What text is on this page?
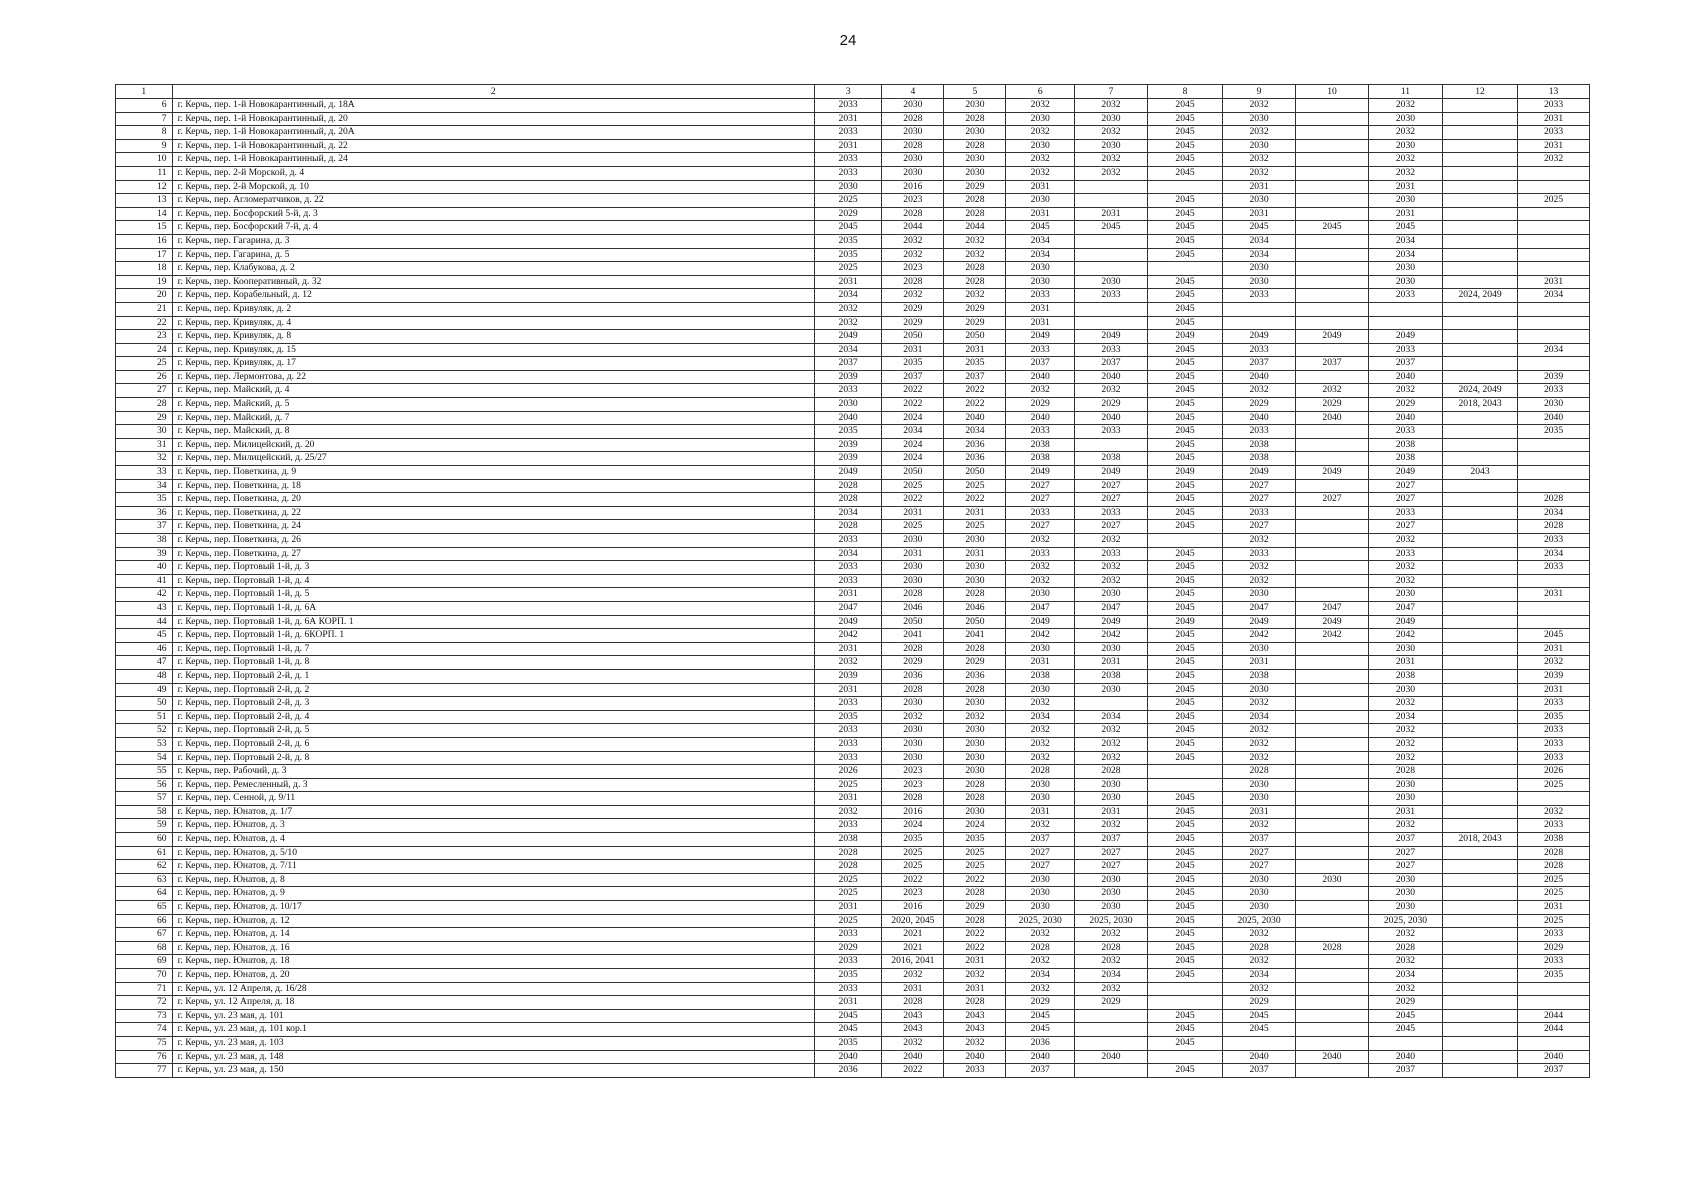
24
1	2	3	4	5	6	7	8	9	10	11	12	13
6	г. Керчь, пер. 1-й Новокарантинный, д. 18А	2033	2030	2030	2032	2032	2045	2032		2032		2033
7	г. Керчь, пер. 1-й Новокарантинный, д. 20	2031	2028	2028	2030	2030	2045	2030		2030		2031
8	г. Керчь, пер. 1-й Новокарантинный, д. 20А	2033	2030	2030	2032	2032	2045	2032		2032		2033
9	г. Керчь, пер. 1-й Новокарантинный, д. 22	2031	2028	2028	2030	2030	2045	2030		2030		2031
10	г. Керчь, пер. 1-й Новокарантинный, д. 24	2033	2030	2030	2032	2032	2045	2032		2032		2032
11	г. Керчь, пер. 2-й Морской, д. 4	2033	2030	2030	2032	2032	2045	2032		2032		
12	г. Керчь, пер. 2-й Морской, д. 10	2030	2016	2029	2031			2031		2031		
13	г. Керчь, пер. Агломератчиков, д. 22	2025	2023	2028	2030		2045	2030		2030		2025
14	г. Керчь, пер. Босфорский 5-й, д. 3	2029	2028	2028	2031	2031	2045	2031		2031		
15	г. Керчь, пер. Босфорский 7-й, д. 4	2045	2044	2044	2045	2045	2045	2045	2045	2045		
16	г. Керчь, пер. Гагарина, д. 3	2035	2032	2032	2034		2045	2034		2034		
17	г. Керчь, пер. Гагарина, д. 5	2035	2032	2032	2034		2045	2034		2034		
18	г. Керчь, пер. Клабукова, д. 2	2025	2023	2028	2030			2030		2030		
19	г. Керчь, пер. Кооперативный, д. 32	2031	2028	2028	2030	2030	2045	2030		2030		2031
20	г. Керчь, пер. Корабельный, д. 12	2034	2032	2032	2033	2033	2045	2033		2033	2024, 2049	2034
21	г. Керчь, пер. Кривуляк, д. 2	2032	2029	2029	2031		2045					
22	г. Керчь, пер. Кривуляк, д. 4	2032	2029	2029	2031		2045					
23	г. Керчь, пер. Кривуляк, д. 8	2049	2050	2050	2049	2049	2049	2049	2049	2049		
24	г. Керчь, пер. Кривуляк, д. 15	2034	2031	2031	2033	2033	2045	2033		2033		2034
25	г. Керчь, пер. Кривуляк, д. 17	2037	2035	2035	2037	2037	2045	2037	2037	2037		
26	г. Керчь, пер. Лермонтова, д. 22	2039	2037	2037	2040	2040	2045	2040		2040		2039
27	г. Керчь, пер. Майский, д. 4	2033	2022	2022	2032	2032	2045	2032	2032	2032	2024, 2049	2033
28	г. Керчь, пер. Майский, д. 5	2030	2022	2022	2029	2029	2045	2029	2029	2029	2018, 2043	2030
29	г. Керчь, пер. Майский, д. 7	2040	2024	2040	2040	2040	2045	2040	2040	2040		2040
30	г. Керчь, пер. Майский, д. 8	2035	2034	2034	2033	2033	2045	2033		2033		2035
31	г. Керчь, пер. Милицейский, д. 20	2039	2024	2036	2038		2045	2038		2038		
32	г. Керчь, пер. Милицейский, д. 25/27	2039	2024	2036	2038	2038	2045	2038		2038		
33	г. Керчь, пер. Поветкина, д. 9	2049	2050	2050	2049	2049	2049	2049	2049	2049	2043	
34	г. Керчь, пер. Поветкина, д. 18	2028	2025	2025	2027	2027	2045	2027		2027		
35	г. Керчь, пер. Поветкина, д. 20	2028	2022	2022	2027	2027	2045	2027	2027	2027		2028
36	г. Керчь, пер. Поветкина, д. 22	2034	2031	2031	2033	2033	2045	2033		2033		2034
37	г. Керчь, пер. Поветкина, д. 24	2028	2025	2025	2027	2027	2045	2027		2027		2028
38	г. Керчь, пер. Поветкина, д. 26	2033	2030	2030	2032	2032		2032		2032		2033
39	г. Керчь, пер. Поветкина, д. 27	2034	2031	2031	2033	2033	2045	2033		2033		2034
40	г. Керчь, пер. Портовый 1-й, д. 3	2033	2030	2030	2032	2032	2045	2032		2032		2033
41	г. Керчь, пер. Портовый 1-й, д. 4	2033	2030	2030	2032	2032	2045	2032		2032		
42	г. Керчь, пер. Портовый 1-й, д. 5	2031	2028	2028	2030	2030	2045	2030		2030		2031
43	г. Керчь, пер. Портовый 1-й, д. 6А	2047	2046	2046	2047	2047	2045	2047	2047	2047		
44	г. Керчь, пер. Портовый 1-й, д. 6А КОРП. 1	2049	2050	2050	2049	2049	2049	2049	2049	2049		
45	г. Керчь, пер. Портовый 1-й, д. 6КОРП. 1	2042	2041	2041	2042	2042	2045	2042	2042	2042		2045
46	г. Керчь, пер. Портовый 1-й, д. 7	2031	2028	2028	2030	2030	2045	2030		2030		2031
47	г. Керчь, пер. Портовый 1-й, д. 8	2032	2029	2029	2031	2031	2045	2031		2031		2032
48	г. Керчь, пер. Портовый 2-й, д. 1	2039	2036	2036	2038	2038	2045	2038		2038		2039
49	г. Керчь, пер. Портовый 2-й, д. 2	2031	2028	2028	2030	2030	2045	2030		2030		2031
50	г. Керчь, пер. Портовый 2-й, д. 3	2033	2030	2030	2032		2045	2032		2032		2033
51	г. Керчь, пер. Портовый 2-й, д. 4	2035	2032	2032	2034	2034	2045	2034		2034		2035
52	г. Керчь, пер. Портовый 2-й, д. 5	2033	2030	2030	2032	2032	2045	2032		2032		2033
53	г. Керчь, пер. Портовый 2-й, д. 6	2033	2030	2030	2032	2032	2045	2032		2032		2033
54	г. Керчь, пер. Портовый 2-й, д. 8	2033	2030	2030	2032	2032	2045	2032		2032		2033
55	г. Керчь, пер. Рабочий, д. 3	2026	2023	2030	2028	2028		2028		2028		2026
56	г. Керчь, пер. Ремесленный, д. 3	2025	2023	2028	2030	2030		2030		2030		2025
57	г. Керчь, пер. Сенной, д. 9/11	2031	2028	2028	2030	2030	2045	2030		2030		
58	г. Керчь, пер. Юнатов, д. 1/7	2032	2016	2030	2031	2031	2045	2031		2031		2032
59	г. Керчь, пер. Юнатов, д. 3	2033	2024	2024	2032	2032	2045	2032		2032		2033
60	г. Керчь, пер. Юнатов, д. 4	2038	2035	2035	2037	2037	2045	2037		2037	2018, 2043	2038
61	г. Керчь, пер. Юнатов, д. 5/10	2028	2025	2025	2027	2027	2045	2027		2027		2028
62	г. Керчь, пер. Юнатов, д. 7/11	2028	2025	2025	2027	2027	2045	2027		2027		2028
63	г. Керчь, пер. Юнатов, д. 8	2025	2022	2022	2030	2030	2045	2030	2030	2030		2025
64	г. Керчь, пер. Юнатов, д. 9	2025	2023	2028	2030	2030	2045	2030		2030		2025
65	г. Керчь, пер. Юнатов, д. 10/17	2031	2016	2029	2030	2030	2045	2030		2030		2031
66	г. Керчь, пер. Юнатов, д. 12	2025	2020, 2045	2028	2025, 2030	2025, 2030	2045	2025, 2030		2025, 2030		2025
67	г. Керчь, пер. Юнатов, д. 14	2033	2021	2022	2032	2032	2045	2032		2032		2033
68	г. Керчь, пер. Юнатов, д. 16	2029	2021	2022	2028	2028	2045	2028	2028	2028		2029
69	г. Керчь, пер. Юнатов, д. 18	2033	2016, 2041	2031	2032	2032	2045	2032		2032		2033
70	г. Керчь, пер. Юнатов, д. 20	2035	2032	2032	2034	2034	2045	2034		2034		2035
71	г. Керчь, ул. 12 Апреля, д. 16/28	2033	2031	2031	2032	2032		2032		2032		
72	г. Керчь, ул. 12 Апреля, д. 18	2031	2028	2028	2029	2029		2029		2029		
73	г. Керчь, ул. 23 мая, д. 101	2045	2043	2043	2045		2045	2045		2045		2044
74	г. Керчь, ул. 23 мая, д. 101 кор.1	2045	2043	2043	2045		2045	2045		2045		2044
75	г. Керчь, ул. 23 мая, д. 103	2035	2032	2032	2036		2045					
76	г. Керчь, ул. 23 мая, д. 148	2040	2040	2040	2040	2040		2040	2040	2040		2040
77	г. Керчь, ул. 23 мая, д. 150	2036	2022	2033	2037		2045	2037		2037		2037
